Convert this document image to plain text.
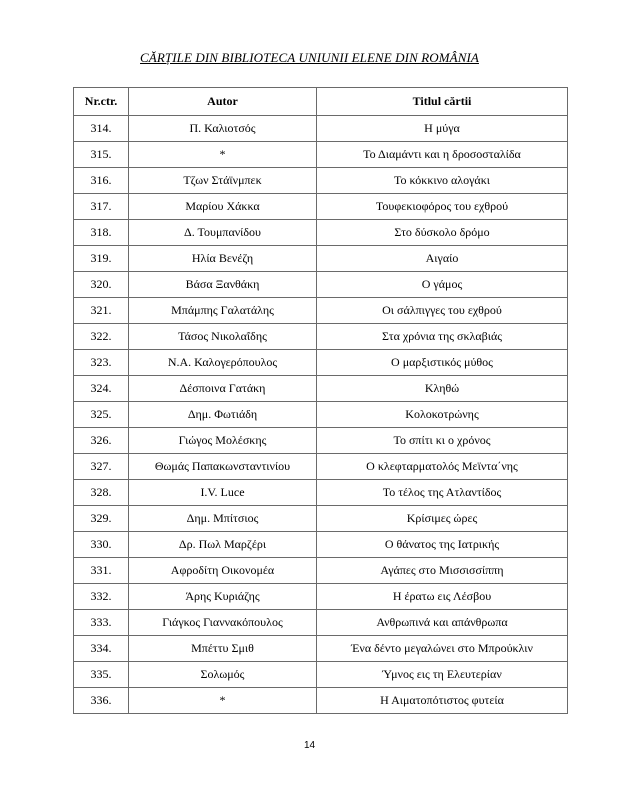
CĂRȚILE DIN BIBLIOTECA UNIUNII ELENE DIN ROMÂNIA
Nr.ctr.	Autor	Titlul cărtii
314.	Π. Καλιοτσός	Η μύγα
315.	*	Το Διαμάντι και η δροσοσταλίδα
316.	Τζων Στάϊνμπεκ	Το κόκκινο αλογάκι
317.	Μαρίου Χάκκα	Τουφεκιοφόρος του εχθρού
318.	Δ. Τουμπανίδου	Στο δύσκολο δρόμο
319.	Ηλία Βενέζη	Αιγαίο
320.	Βάσα Ξανθάκη	Ο γάμος
321.	Μπάμπης Γαλατάλης	Οι σάλπιγγες του εχθρού
322.	Τάσος Νικολαΐδης	Στα χρόνια της σκλαβιάς
323.	Ν.Α. Καλογερόπουλος	Ο μαρξιστικός μύθος
324.	Δέσποινα Γατάκη	Κληθώ
325.	Δημ. Φωτιάδη	Κολοκοτρώνης
326.	Γιώγος Μολέσκης	Το σπίτι κι ο χρόνος
327.	Θωμάς Παπακωνσταντινίου	Ο κλεφταρματολός Μεϊντα΄νης
328.	I.V. Luce	Το τέλος της Ατλαντίδος
329.	Δημ. Μπίτσιος	Κρίσιμες ώρες
330.	Δρ. Πωλ Μαρζέρι	Ο θάνατος της Ιατρικής
331.	Αφροδίτη Οικονομέα	Αγάπες στο Μισσισσίππη
332.	Άρης Κυριάζης	Η έρατω εις Λέσβου
333.	Γιάγκος Γιαννακόπουλος	Ανθρωπινά και απάνθρωπα
334.	Μπέττυ Σμιθ	Ένα δέντο μεγαλώνει στο Μπρούκλιν
335.	Σολωμός	Ύμνος εις τη Ελευτερίαν
336.	*	Η Αιματοπότιστος φυτεία
14
